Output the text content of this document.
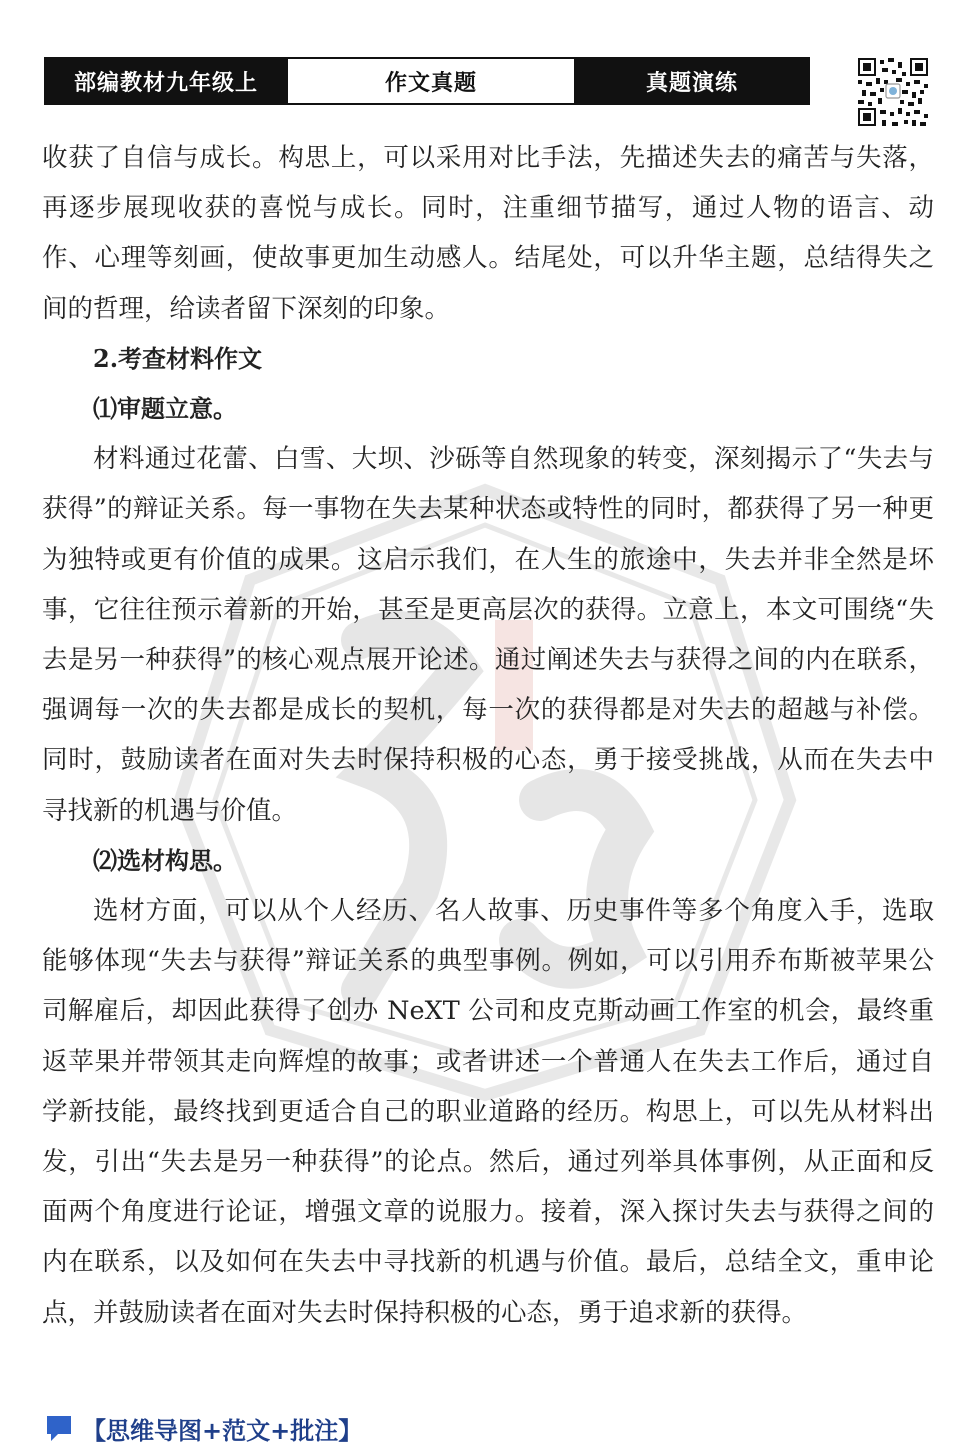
部编教材九年级上	作文真题	真题演练

收获了自信与成长。构思上，可以采用对比手法，先描述失去的痛苦与失落，再逐步展现收获的喜悦与成长。同时，注重细节描写，通过人物的语言、动作、心理等刻画，使故事更加生动感人。结尾处，可以升华主题，总结得失之间的哲理，给读者留下深刻的印象。

2.考查材料作文

⑴审题立意。

材料通过花蕾、白雪、大坝、沙砾等自然现象的转变，深刻揭示了“失去与获得”的辩证关系。每一事物在失去某种状态或特性的同时，都获得了另一种更为独特或更有价值的成果。这启示我们，在人生的旅途中，失去并非全然是坏事，它往往预示着新的开始，甚至是更高层次的获得。立意上，本文可围绕“失去是另一种获得”的核心观点展开论述。通过阐述失去与获得之间的内在联系，强调每一次的失去都是成长的契机，每一次的获得都是对失去的超越与补偿。同时，鼓励读者在面对失去时保持积极的心态，勇于接受挑战，从而在失去中寻找新的机遇与价值。

⑵选材构思。

选材方面，可以从个人经历、名人故事、历史事件等多个角度入手，选取能够体现“失去与获得”辩证关系的典型事例。例如，可以引用乔布斯被苹果公司解雇后，却因此获得了创办 NeXT 公司和皮克斯动画工作室的机会，最终重返苹果并带领其走向辉煌的故事；或者讲述一个普通人在失去工作后，通过自学新技能，最终找到更适合自己的职业道路的经历。构思上，可以先从材料出发，引出“失去是另一种获得”的论点。然后，通过列举具体事例，从正面和反面两个角度进行论证，增强文章的说服力。接着，深入探讨失去与获得之间的内在联系，以及如何在失去中寻找新的机遇与价值。最后，总结全文，重申论点，并鼓励读者在面对失去时保持积极的心态，勇于追求新的获得。

【思维导图+范文+批注】
